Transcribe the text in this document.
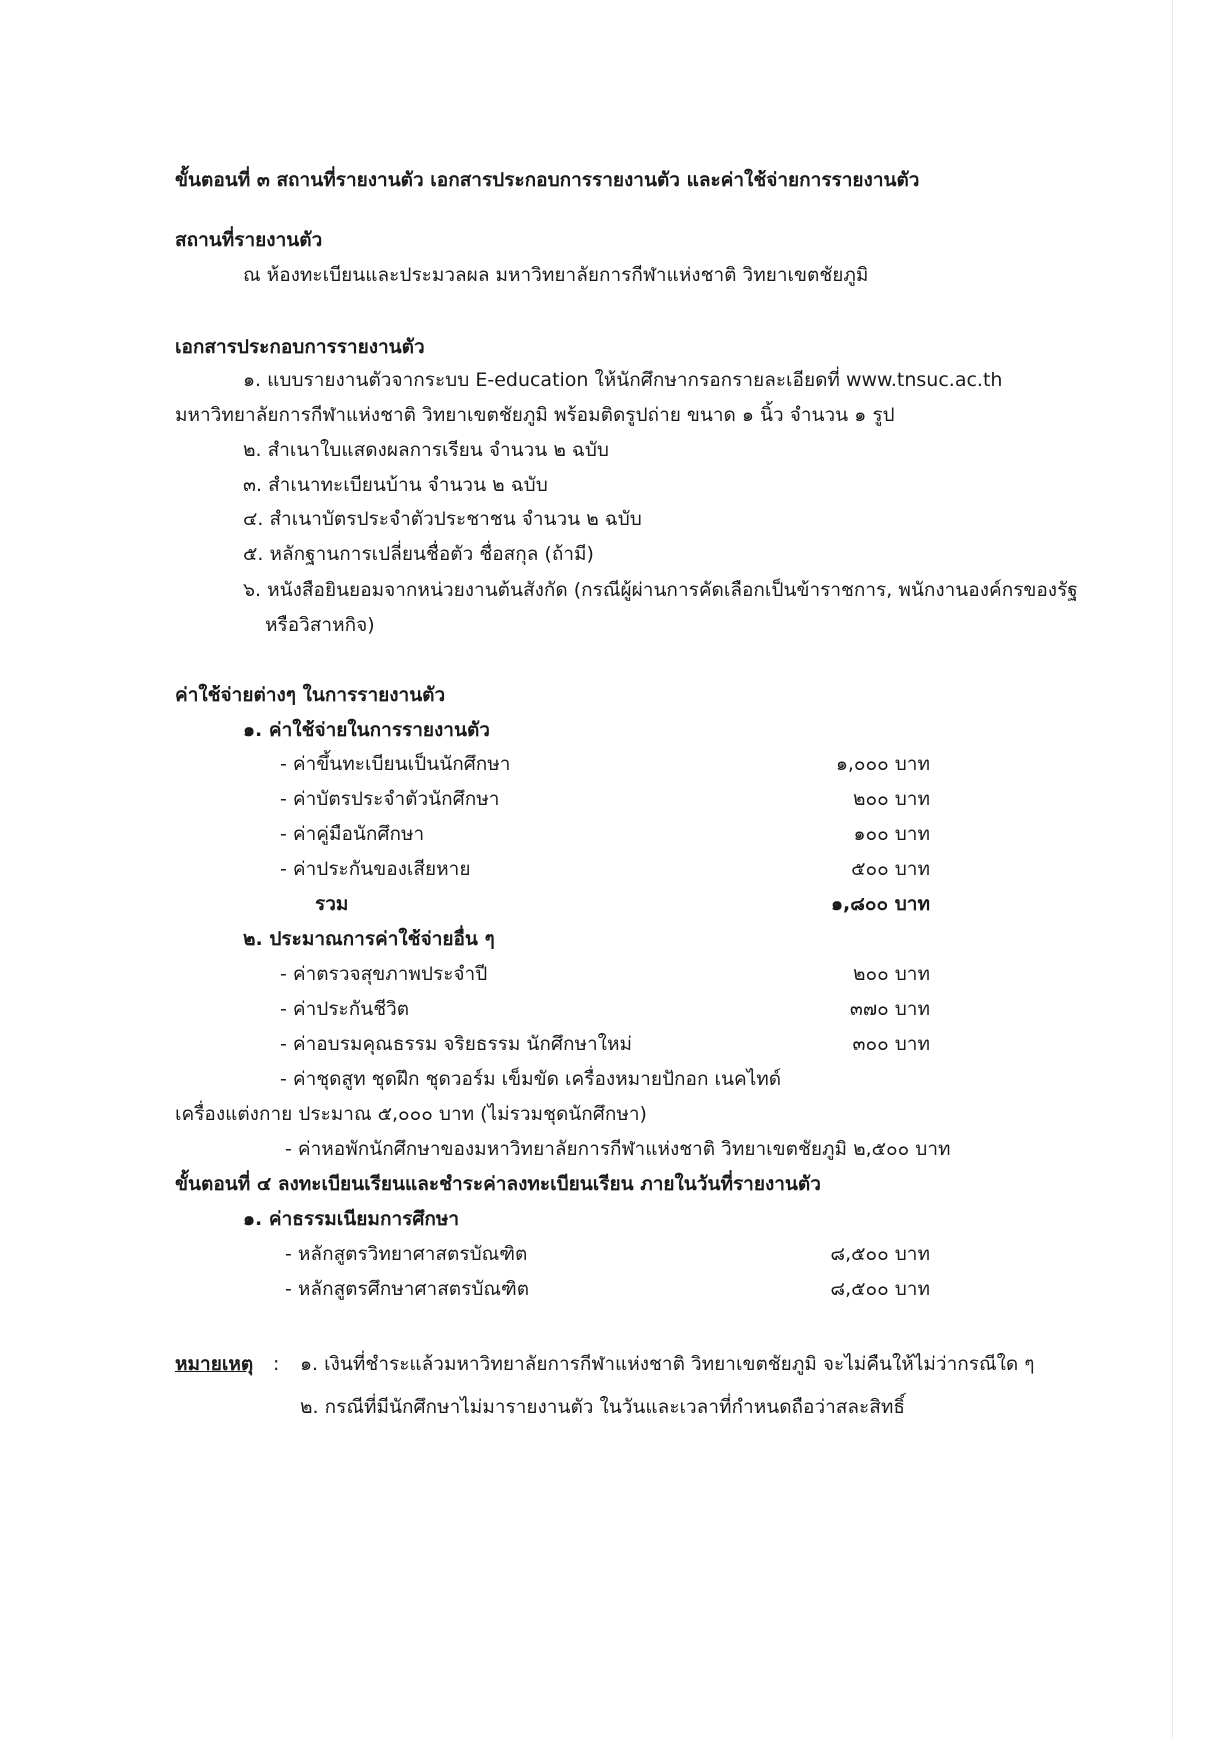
ขั้นตอนที่ ๓ สถานที่รายงานตัว เอกสารประกอบการรายงานตัว และค่าใช้จ่ายการรายงานตัว
สถานที่รายงานตัว
ณ ห้องทะเบียนและประมวลผล มหาวิทยาลัยการกีฬาแห่งชาติ วิทยาเขตชัยภูมิ
เอกสารประกอบการรายงานตัว
๑. แบบรายงานตัวจากระบบ E-education ให้นักศึกษากรอกรายละเอียดที่ www.tnsuc.ac.th
มหาวิทยาลัยการกีฬาแห่งชาติ วิทยาเขตชัยภูมิ พร้อมติดรูปถ่าย ขนาด ๑ นิ้ว จำนวน ๑ รูป
๒. สำเนาใบแสดงผลการเรียน จำนวน ๒ ฉบับ
๓. สำเนาทะเบียนบ้าน จำนวน ๒ ฉบับ
๔. สำเนาบัตรประจำตัวประชาชน จำนวน ๒ ฉบับ
๕. หลักฐานการเปลี่ยนชื่อตัว ชื่อสกุล (ถ้ามี)
๖. หนังสือยินยอมจากหน่วยงานต้นสังกัด (กรณีผู้ผ่านการคัดเลือกเป็นข้าราชการ, พนักงานองค์กรของรัฐ
หรือวิสาหกิจ)
ค่าใช้จ่ายต่างๆ ในการรายงานตัว
๑. ค่าใช้จ่ายในการรายงานตัว
- ค่าขึ้นทะเบียนเป็นนักศึกษา	๑,๐๐๐ บาท
- ค่าบัตรประจำตัวนักศึกษา	๒๐๐ บาท
- ค่าคู่มือนักศึกษา	๑๐๐ บาท
- ค่าประกันของเสียหาย	๕๐๐ บาท
รวม	๑,๘๐๐ บาท
๒. ประมาณการค่าใช้จ่ายอื่น ๆ
- ค่าตรวจสุขภาพประจำปี	๒๐๐ บาท
- ค่าประกันชีวิต	๓๗๐ บาท
- ค่าอบรมคุณธรรม จริยธรรม นักศึกษาใหม่	๓๐๐ บาท
- ค่าชุดสูท ชุดฝึก ชุดวอร์ม เข็มขัด เครื่องหมายปักอก เนคไทด์
เครื่องแต่งกาย ประมาณ ๕,๐๐๐ บาท (ไม่รวมชุดนักศึกษา)
- ค่าหอพักนักศึกษาของมหาวิทยาลัยการกีฬาแห่งชาติ วิทยาเขตชัยภูมิ ๒,๕๐๐ บาท
ขั้นตอนที่ ๔ ลงทะเบียนเรียนและชำระค่าลงทะเบียนเรียน ภายในวันที่รายงานตัว
๑. ค่าธรรมเนียมการศึกษา
- หลักสูตรวิทยาศาสตรบัณฑิต	๘,๕๐๐ บาท
- หลักสูตรศึกษาศาสตรบัณฑิต	๘,๕๐๐ บาท
หมายเหตุ : ๑. เงินที่ชำระแล้วมหาวิทยาลัยการกีฬาแห่งชาติ วิทยาเขตชัยภูมิ จะไม่คืนให้ไม่ว่ากรณีใด ๆ
๒. กรณีที่มีนักศึกษาไม่มารายงานตัว ในวันและเวลาที่กำหนดถือว่าสละสิทธิ์
